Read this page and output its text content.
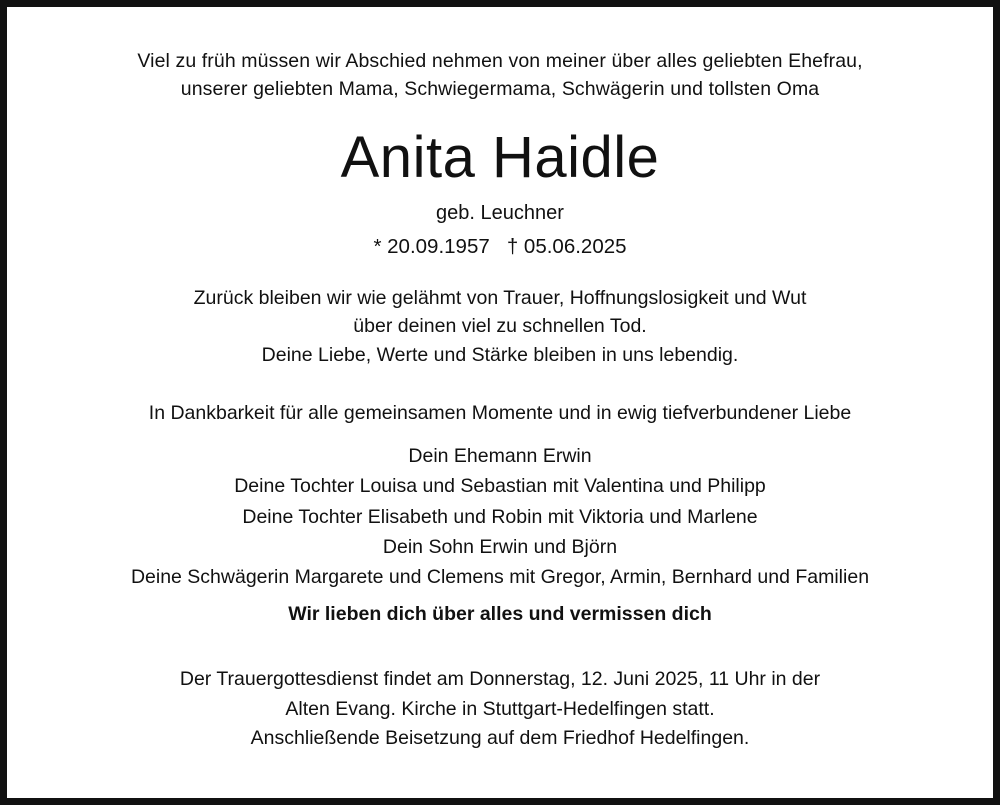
Viel zu früh müssen wir Abschied nehmen von meiner über alles geliebten Ehefrau,
unserer geliebten Mama, Schwiegermama, Schwägerin und tollsten Oma
Anita Haidle
geb. Leuchner
* 20.09.1957   † 05.06.2025
Zurück bleiben wir wie gelähmt von Trauer, Hoffnungslosigkeit und Wut
über deinen viel zu schnellen Tod.
Deine Liebe, Werte und Stärke bleiben in uns lebendig.
In Dankbarkeit für alle gemeinsamen Momente und in ewig tiefverbundener Liebe
Dein Ehemann Erwin
Deine Tochter Louisa und Sebastian mit Valentina und Philipp
Deine Tochter Elisabeth und Robin mit Viktoria und Marlene
Dein Sohn Erwin und Björn
Deine Schwägerin Margarete und Clemens mit Gregor, Armin, Bernhard und Familien
Wir lieben dich über alles und vermissen dich
Der Trauergottesdienst findet am Donnerstag, 12. Juni 2025, 11 Uhr in der
Alten Evang. Kirche in Stuttgart-Hedelfingen statt.
Anschließende Beisetzung auf dem Friedhof Hedelfingen.
